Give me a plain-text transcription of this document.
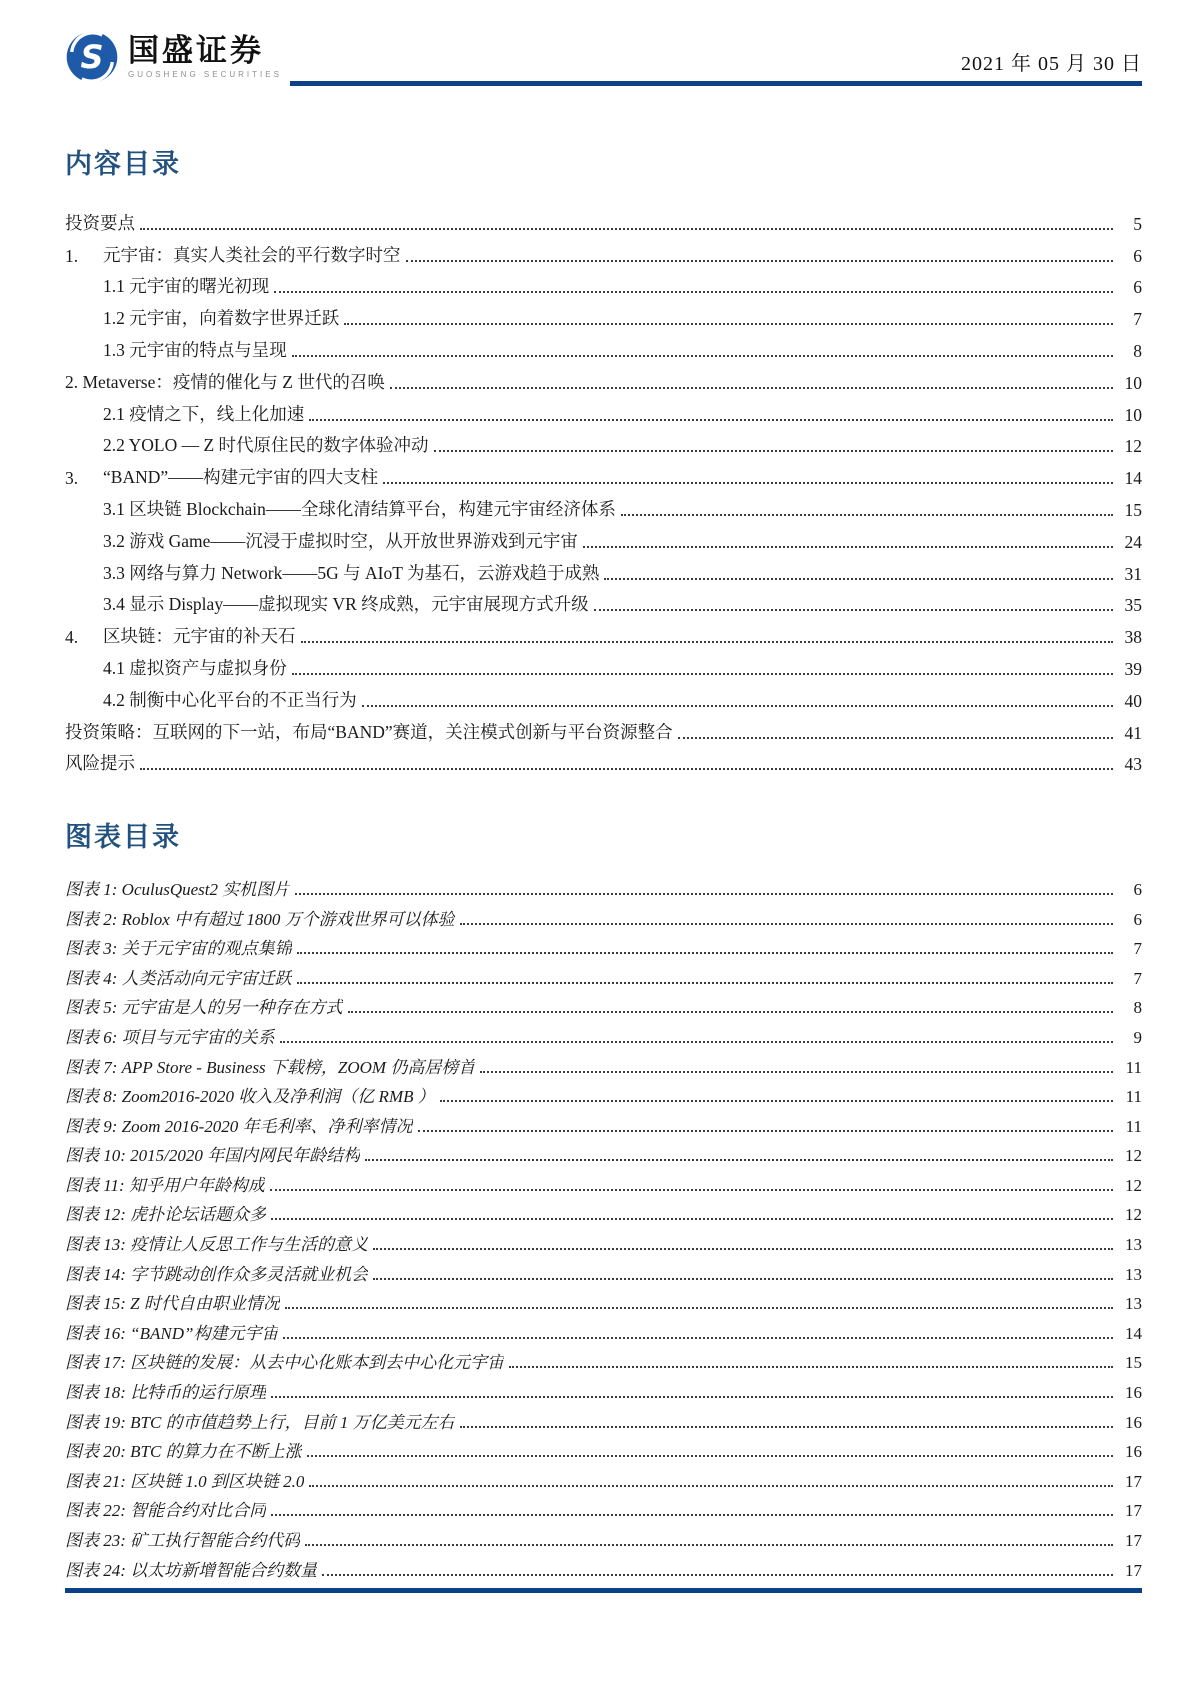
S 国盛证券
GUOSHENG SECURITIES	2021 年 05 月 30 日
内容目录
投资要点	5
1.	元宇宙：真实人类社会的平行数字时空	6
1.1 元宇宙的曙光初现	6
1.2 元宇宙，向着数字世界迁跃	7
1.3 元宇宙的特点与呈现	8
2. Metaverse：疫情的催化与 Z 世代的召唤	10
2.1 疫情之下，线上化加速	10
2.2 YOLO — Z 时代原住民的数字体验冲动	12
3.	“BAND”——构建元宇宙的四大支柱	14
3.1 区块链 Blockchain——全球化清结算平台，构建元宇宙经济体系	15
3.2 游戏 Game——沉浸于虚拟时空，从开放世界游戏到元宇宙	24
3.3 网络与算力 Network——5G 与 AIoT 为基石，云游戏趋于成熟	31
3.4 显示 Display——虚拟现实 VR 终成熟，元宇宙展现方式升级	35
4.	区块链：元宇宙的补天石	38
4.1 虚拟资产与虚拟身份	39
4.2 制衡中心化平台的不正当行为	40
投资策略：互联网的下一站，布局“BAND”赛道，关注模式创新与平台资源整合	41
风险提示	43
图表目录
图表 1: OculusQuest2 实机图片	6
图表 2: Roblox 中有超过 1800 万个游戏世界可以体验	6
图表 3: 关于元宇宙的观点集锦	7
图表 4: 人类活动向元宇宙迁跃	7
图表 5: 元宇宙是人的另一种存在方式	8
图表 6: 项目与元宇宙的关系	9
图表 7: APP Store - Business 下载榜，ZOOM 仍高居榜首	11
图表 8: Zoom2016-2020 收入及净利润（亿 RMB ）	11
图表 9: Zoom 2016-2020 年毛利率、净利率情况	11
图表 10: 2015/2020 年国内网民年龄结构	12
图表 11: 知乎用户年龄构成	12
图表 12: 虎扑论坛话题众多	12
图表 13: 疫情让人反思工作与生活的意义	13
图表 14: 字节跳动创作众多灵活就业机会	13
图表 15: Z 时代自由职业情况	13
图表 16: “BAND”构建元宇宙	14
图表 17: 区块链的发展：从去中心化账本到去中心化元宇宙	15
图表 18: 比特币的运行原理	16
图表 19: BTC 的市值趋势上行，目前 1 万亿美元左右	16
图表 20: BTC 的算力在不断上涨	16
图表 21: 区块链 1.0 到区块链 2.0	17
图表 22: 智能合约对比合同	17
图表 23: 矿工执行智能合约代码	17
图表 24: 以太坊新增智能合约数量	17
